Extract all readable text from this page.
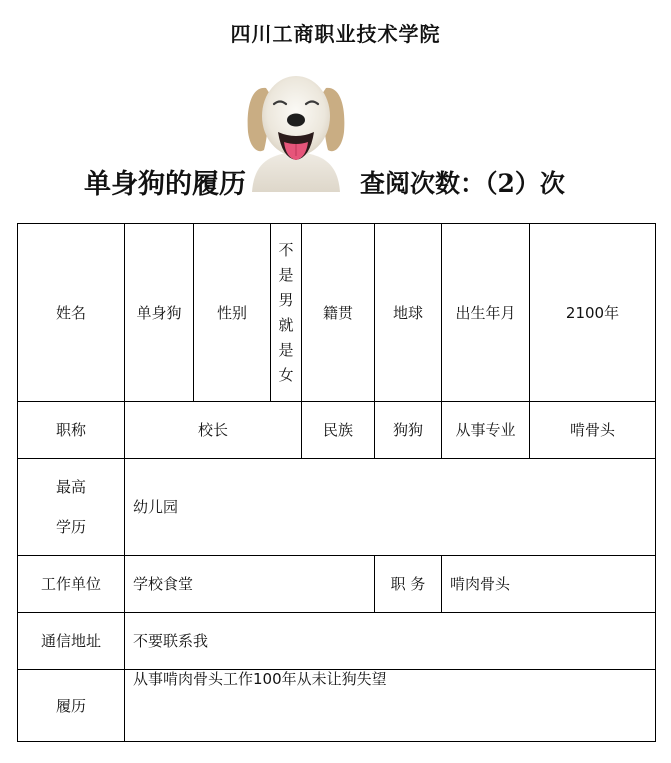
四川工商职业技术学院
单身狗的履历	查阅次数：（2）次
姓名	单身狗	性别	不是男就是女	籍贯	地球	出生年月	2100年
职称	校长			民族	狗狗	从事专业	啃骨头

最高
学历	幼儿园						
工作单位	学校食堂				职 务	啃肉骨头	
通信地址	不要联系我						
履历	从事啃肉骨头工作100年从未让狗失望						
